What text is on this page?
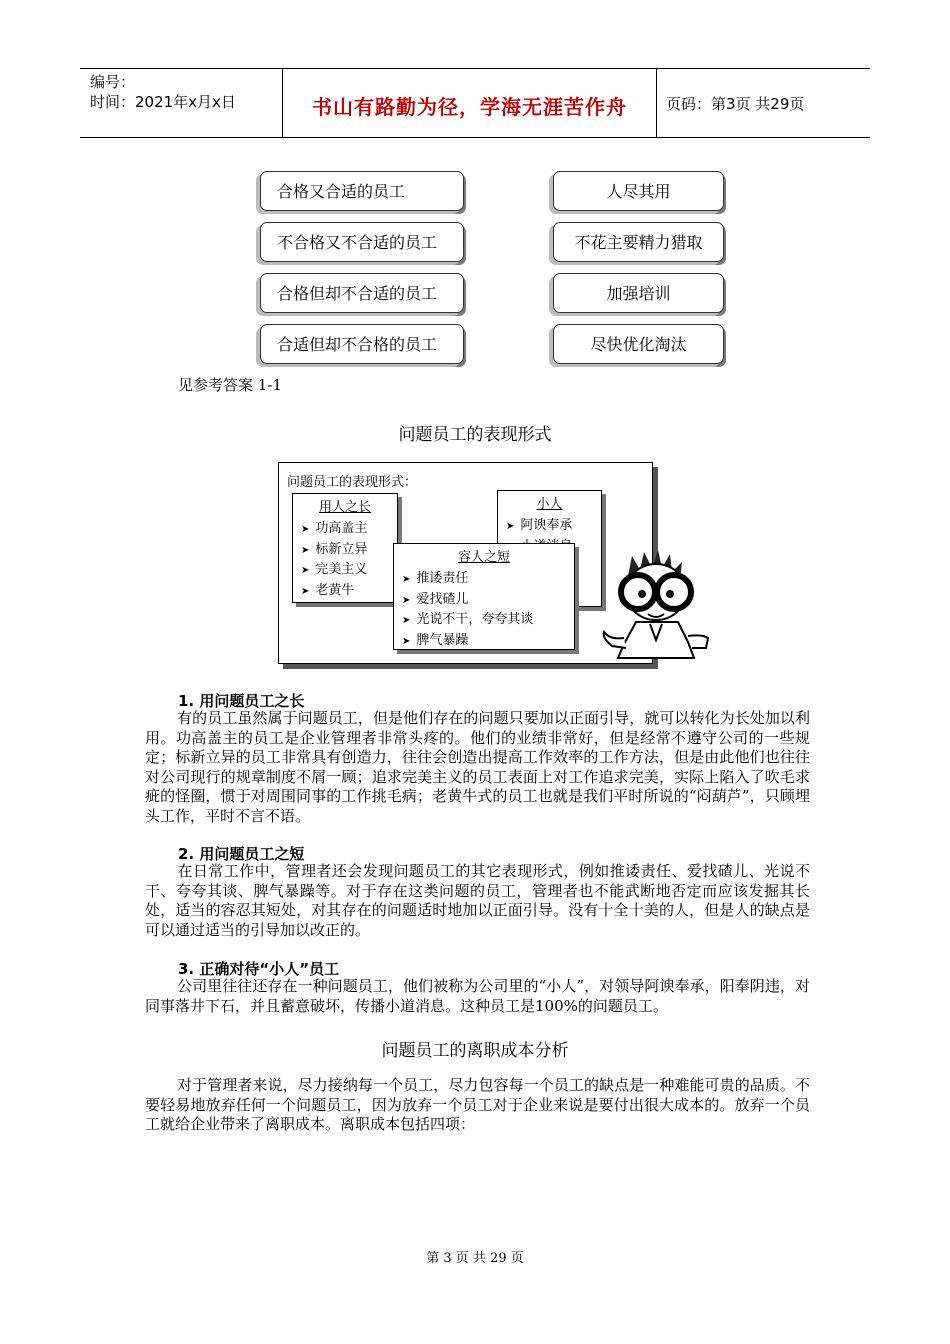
编号：
时间：2021年x月x日	书山有路勤为径，学海无涯苦作舟	页码：第3页 共29页
合格又合适的员工
不合格又不合适的员工
合格但却不合适的员工
合适但却不合格的员工
人尽其用
不花主要精力猎取
加强培训
尽快优化淘汰
见参考答案 1-1
问题员工的表现形式
问题员工的表现形式：
用人之长
➤ 功高盖主
➤ 标新立异
➤ 完美主义
➤ 老黄牛
小人
➤ 阿谀奉承
➤
➤
➤
容人之短
➤ 推诿责任
➤ 爱找碴儿
➤ 光说不干，夸夸其谈
➤ 脾气暴躁
1. 用问题员工之长
有的员工虽然属于问题员工，但是他们存在的问题只要加以正面引导，就可以转化为长处加以利用。功高盖主的员工是企业管理者非常头疼的。他们的业绩非常好，但是经常不遵守公司的一些规定；标新立异的员工非常具有创造力，往往会创造出提高工作效率的工作方法，但是由此他们也往往对公司现行的规章制度不屑一顾；追求完美主义的员工表面上对工作追求完美，实际上陷入了吹毛求疵的怪圈，惯于对周围同事的工作挑毛病；老黄牛式的员工也就是我们平时所说的“闷葫芦”，只顾埋头工作，平时不言不语。
2. 用问题员工之短
在日常工作中，管理者还会发现问题员工的其它表现形式，例如推诿责任、爱找碴儿、光说不干、夸夸其谈、脾气暴躁等。对于存在这类问题的员工，管理者也不能武断地否定而应该发掘其长处，适当的容忍其短处，对其存在的问题适时地加以正面引导。没有十全十美的人，但是人的缺点是可以通过适当的引导加以改正的。
3. 正确对待“小人”员工
公司里往往还存在一种问题员工，他们被称为公司里的“小人”，对领导阿谀奉承，阳奉阴违，对同事落井下石，并且蓄意破坏，传播小道消息。这种员工是100%的问题员工。
问题员工的离职成本分析
对于管理者来说，尽力接纳每一个员工，尽力包容每一个员工的缺点是一种难能可贵的品质。不要轻易地放弃任何一个问题员工，因为放弃一个员工对于企业来说是要付出很大成本的。放弃一个员工就给企业带来了离职成本。离职成本包括四项：
第 3 页 共 29 页
